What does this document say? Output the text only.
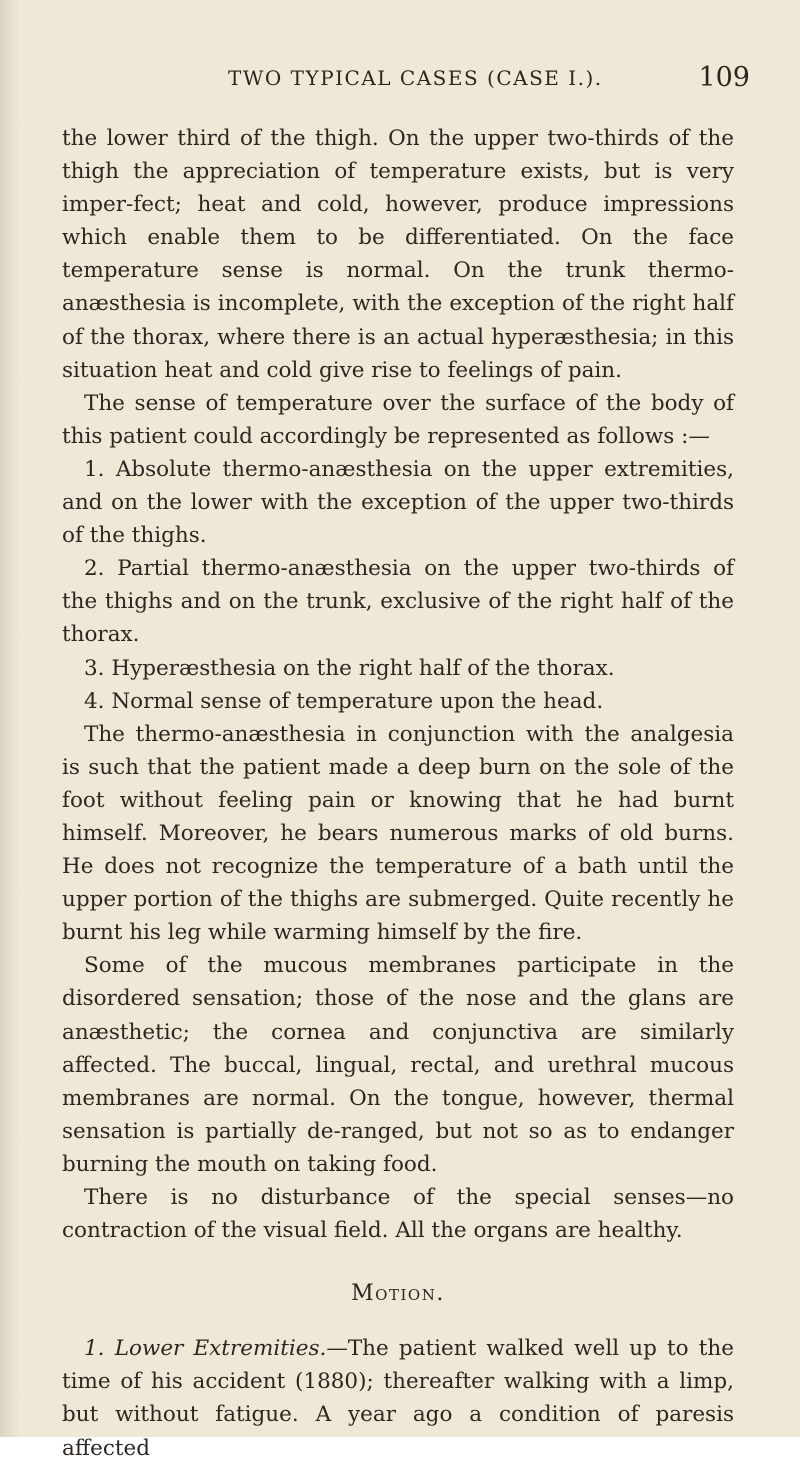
TWO TYPICAL CASES (CASE I.).	109

the lower third of the thigh. On the upper two-thirds of the thigh the appreciation of temperature exists, but is very imper-fect; heat and cold, however, produce impressions which enable them to be differentiated. On the face temperature sense is normal. On the trunk thermo-anæsthesia is incomplete, with the exception of the right half of the thorax, where there is an actual hyperæsthesia; in this situation heat and cold give rise to feelings of pain.

The sense of temperature over the surface of the body of this patient could accordingly be represented as follows :—

1. Absolute thermo-anæsthesia on the upper extremities, and on the lower with the exception of the upper two-thirds of the thighs.

2. Partial thermo-anæsthesia on the upper two-thirds of the thighs and on the trunk, exclusive of the right half of the thorax.

3. Hyperæsthesia on the right half of the thorax.

4. Normal sense of temperature upon the head.

The thermo-anæsthesia in conjunction with the analgesia is such that the patient made a deep burn on the sole of the foot without feeling pain or knowing that he had burnt himself. Moreover, he bears numerous marks of old burns. He does not recognize the temperature of a bath until the upper portion of the thighs are submerged. Quite recently he burnt his leg while warming himself by the fire.

Some of the mucous membranes participate in the disordered sensation; those of the nose and the glans are anæsthetic; the cornea and conjunctiva are similarly affected. The buccal, lingual, rectal, and urethral mucous membranes are normal. On the tongue, however, thermal sensation is partially de-ranged, but not so as to endanger burning the mouth on taking food.

There is no disturbance of the special senses—no contraction of the visual field. All the organs are healthy.

Motion.

1. Lower Extremities.—The patient walked well up to the time of his accident (1880); thereafter walking with a limp, but without fatigue. A year ago a condition of paresis affected
